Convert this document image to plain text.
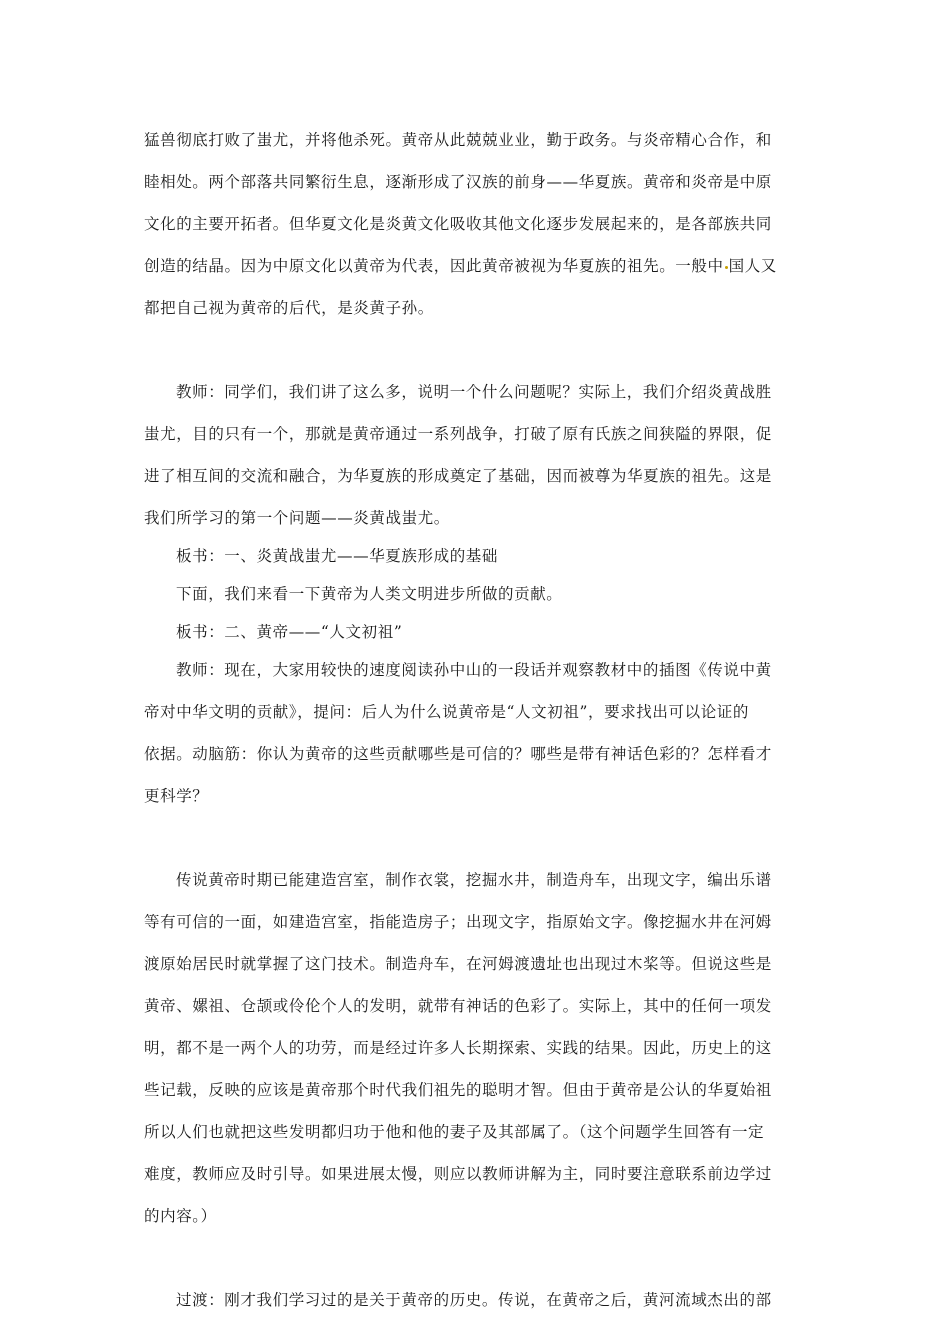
猛兽彻底打败了蚩尤，并将他杀死。黄帝从此兢兢业业，勤于政务。与炎帝精心合作，和
睦相处。两个部落共同繁衍生息，逐渐形成了汉族的前身——华夏族。黄帝和炎帝是中原
文化的主要开拓者。但华夏文化是炎黄文化吸收其他文化逐步发展起来的，是各部族共同
创造的结晶。因为中原文化以黄帝为代表，因此黄帝被视为华夏族的祖先。一般中 国人又
都把自己视为黄帝的后代，是炎黄子孙。
教师：同学们，我们讲了这么多，说明一个什么问题呢？实际上，我们介绍炎黄战胜
蚩尤，目的只有一个，那就是黄帝通过一系列战争，打破了原有氏族之间狭隘的界限，促
进了相互间的交流和融合，为华夏族的形成奠定了基础，因而被尊为华夏族的祖先。这是
我们所学习的第一个问题——炎黄战蚩尤。
板书：一、炎黄战蚩尤——华夏族形成的基础
下面，我们来看一下黄帝为人类文明进步所做的贡献。
板书：二、黄帝——“人文初祖”
教师：现在，大家用较快的速度阅读孙中山的一段话并观察教材中的插图《传说中黄
帝对中华文明的贡献》，提问：后人为什么说黄帝是“人文初祖”，要求找出可以论证的
依据。动脑筋：你认为黄帝的这些贡献哪些是可信的？哪些是带有神话色彩的？怎样看才
更科学？
传说黄帝时期已能建造宫室，制作衣裳，挖掘水井，制造舟车，出现文字，编出乐谱
等有可信的一面，如建造宫室，指能造房子；出现文字，指原始文字。像挖掘水井在河姆
渡原始居民时就掌握了这门技术。制造舟车，在河姆渡遗址也出现过木桨等。但说这些是
黄帝、嫘祖、仓颉或伶伦个人的发明，就带有神话的色彩了。实际上，其中的任何一项发
明，都不是一两个人的功劳，而是经过许多人长期探索、实践的结果。因此，历史上的这
些记载，反映的应该是黄帝那个时代我们祖先的聪明才智。但由于黄帝是公认的华夏始祖
所以人们也就把这些发明都归功于他和他的妻子及其部属了。（这个问题学生回答有一定
难度，教师应及时引导。如果进展太慢，则应以教师讲解为主，同时要注意联系前边学过
的内容。）
过渡：刚才我们学习过的是关于黄帝的历史。传说，在黄帝之后，黄河流域杰出的部
